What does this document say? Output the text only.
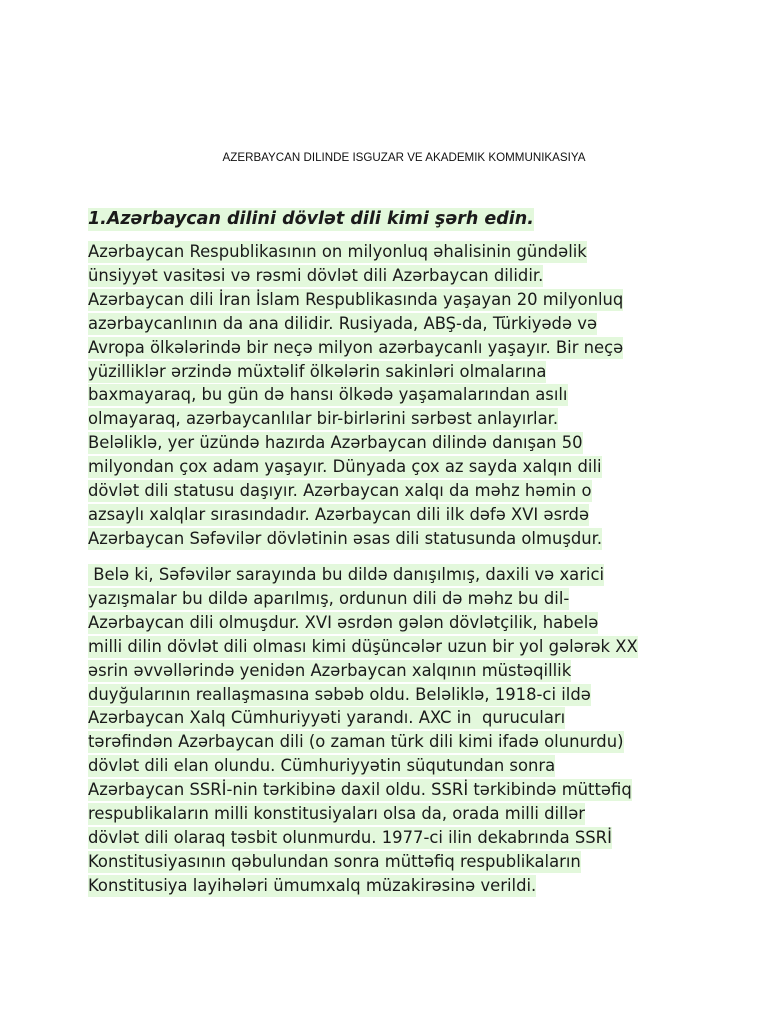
AZERBAYCAN DILINDE ISGUZAR VE AKADEMIK KOMMUNIKASIYA
1.Azərbaycan dilini dövlət dili kimi şərh edin.
Azərbaycan Respublikasının on milyonluq əhalisinin gündəlik
ünsiyyət vasitəsi və rəsmi dövlət dili Azərbaycan dilidir.
Azərbaycan dili İran İslam Respublikasında yaşayan 20 milyonluq
azərbaycanlının da ana dilidir. Rusiyada, ABŞ-da, Türkiyədə və
Avropa ölkələrində bir neçə milyon azərbaycanlı yaşayır. Bir neçə
yüzilliklər ərzində müxtəlif ölkələrin sakinləri olmalarına
baxmayaraq, bu gün də hansı ölkədə yaşamalarından asılı
olmayaraq, azərbaycanlılar bir-birlərini sərbəst anlayırlar.
Beləliklə, yer üzündə hazırda Azərbaycan dilində danışan 50
milyondan çox adam yaşayır. Dünyada çox az sayda xalqın dili
dövlət dili statusu daşıyır. Azərbaycan xalqı da məhz həmin o
azsaylı xalqlar sırasındadır. Azərbaycan dili ilk dəfə XVI əsrdə
Azərbaycan Səfəvilər dövlətinin əsas dili statusunda olmuşdur.
Belə ki, Səfəvilər sarayında bu dildə danışılmış, daxili və xarici
yazışmalar bu dildə aparılmış, ordunun dili də məhz bu dil-
Azərbaycan dili olmuşdur. XVI əsrdən gələn dövlətçilik, habelə
milli dilin dövlət dili olması kimi düşüncələr uzun bir yol gələrək XX
əsrin əvvəllərində yenidən Azərbaycan xalqının müstəqillik
duyğularının reallaşmasına səbəb oldu. Beləliklə, 1918-ci ildə
Azərbaycan Xalq Cümhuriyyəti yarandı. AXC in  qurucuları
tərəfindən Azərbaycan dili (o zaman türk dili kimi ifadə olunurdu)
dövlət dili elan olundu. Cümhuriyyətin süqutundan sonra
Azərbaycan SSRİ-nin tərkibinə daxil oldu. SSRİ tərkibində müttəfiq
respublikaların milli konstitusiyaları olsa da, orada milli dillər
dövlət dili olaraq təsbit olunmurdu. 1977-ci ilin dekabrında SSRİ
Konstitusiyasının qəbulundan sonra müttəfiq respublikaların
Konstitusiya layihələri ümumxalq müzakirəsinə verildi.
